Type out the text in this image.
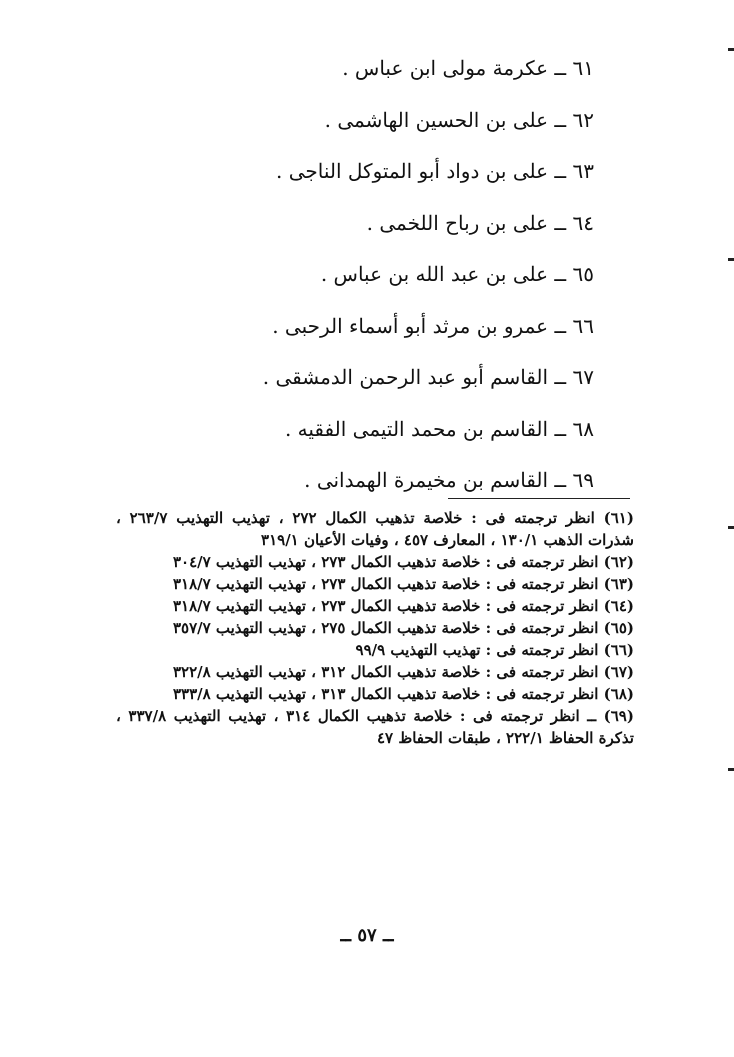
٦١ ــ عكرمة مولى ابن عباس .
٦٢ ــ على بن الحسين الهاشمى .
٦٣ ــ على بن دواد أبو المتوكل الناجى .
٦٤ ــ على بن رباح اللخمى .
٦٥ ــ على بن عبد الله بن عباس .
٦٦ ــ عمرو بن مرثد أبو أسماء الرحبى .
٦٧ ــ القاسم أبو عبد الرحمن الدمشقى .
٦٨ ــ القاسم بن محمد التيمى الفقيه .
٦٩ ــ القاسم بن مخيمرة الهمدانى .
(٦١) انظر ترجمته فى : خلاصة تذهيب الكمال ٢٧٢ ، تهذيب التهذيب ٢٦٣/٧ ، شذرات الذهب ١٣٠/١ ، المعارف ٤٥٧ ، وفيات الأعيان ٣١٩/١
(٦٢) انظر ترجمته فى : خلاصة تذهيب الكمال ٢٧٣ ، تهذيب التهذيب ٣٠٤/٧
(٦٣) انظر ترجمته فى : خلاصة تذهيب الكمال ٢٧٣ ، تهذيب التهذيب ٣١٨/٧
(٦٤) انظر ترجمته فى : خلاصة تذهيب الكمال ٢٧٣ ، تهذيب التهذيب ٣١٨/٧
(٦٥) انظر ترجمته فى : خلاصة تذهيب الكمال ٢٧٥ ، تهذيب التهذيب ٣٥٧/٧
(٦٦) انظر ترجمته فى : تهذيب التهذيب ٩٩/٩
(٦٧) انظر ترجمته فى : خلاصة تذهيب الكمال ٣١٢ ، تهذيب التهذيب ٣٢٢/٨
(٦٨) انظر ترجمته فى : خلاصة تذهيب الكمال ٣١٣ ، تهذيب التهذيب ٣٣٣/٨
(٦٩) ــ انظر ترجمته فى : خلاصة تذهيب الكمال ٣١٤ ، تهذيب التهذيب ٣٣٧/٨ ، تذكرة الحفاظ ٢٢٢/١ ، طبقات الحفاظ ٤٧
ــ ٥٧ ــ
